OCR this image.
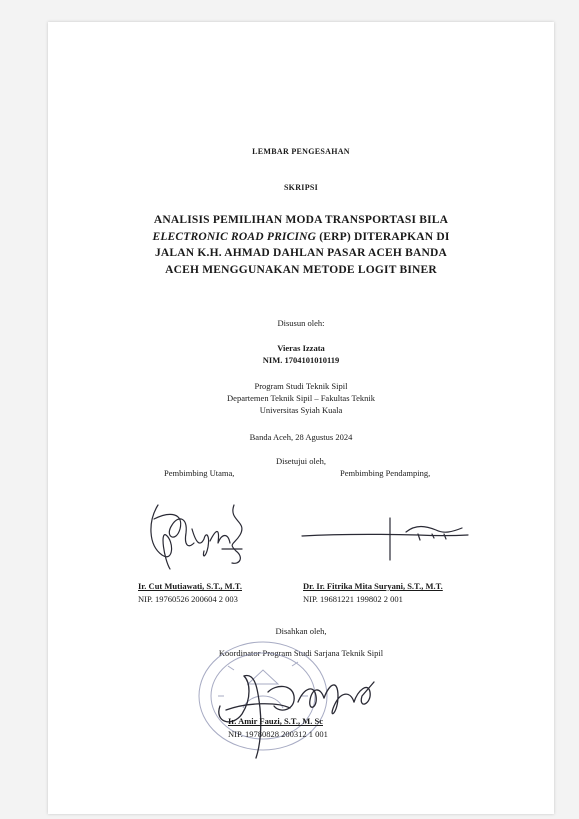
LEMBAR PENGESAHAN
SKRIPSI
ANALISIS PEMILIHAN MODA TRANSPORTASI BILA
ELECTRONIC ROAD PRICING (ERP) DITERAPKAN DI
JALAN K.H. AHMAD DAHLAN PASAR ACEH BANDA
ACEH MENGGUNAKAN METODE LOGIT BINER
Disusun oleh:
Vieras Izzata
NIM. 1704101010119
Program Studi Teknik Sipil
Departemen Teknik Sipil – Fakultas Teknik
Universitas Syiah Kuala
Banda Aceh, 28 Agustus 2024
Disetujui oleh,
Pembimbing Utama,	Pembimbing Pendamping,
Ir. Cut Mutiawati, S.T., M.T.
NIP. 19760526 200604 2 003
Dr. Ir. Fitrika Mita Suryani, S.T., M.T.
NIP. 19681221 199802 2 001
Disahkan oleh,
Koordinator Program Studi Sarjana Teknik Sipil
Ir. Amir Fauzi, S.T., M. Sc
NIP. 19780828 200312 1 001
